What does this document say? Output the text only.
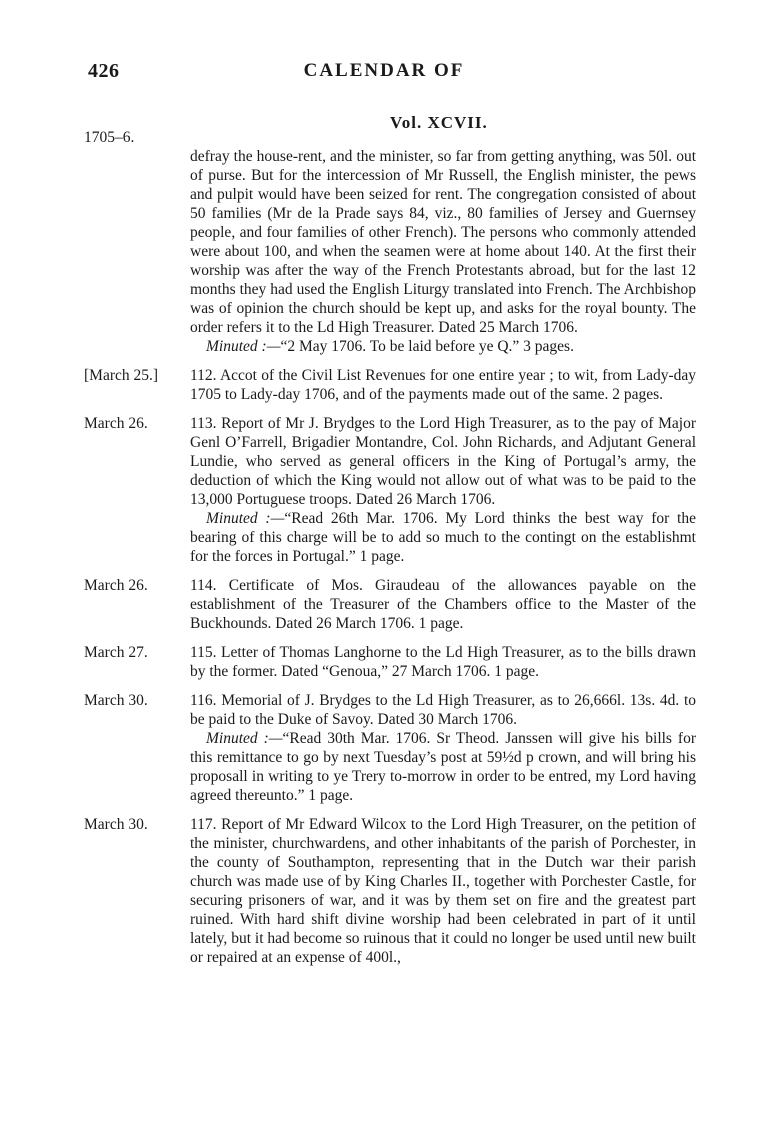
426	CALENDAR OF
Vol. XCVII.
1705–6.

defray the house-rent, and the minister, so far from getting anything, was 50l. out of purse. But for the intercession of Mr Russell, the English minister, the pews and pulpit would have been seized for rent. The congregation consisted of about 50 families (Mr de la Prade says 84, viz., 80 families of Jersey and Guernsey people, and four families of other French). The persons who commonly attended were about 100, and when the seamen were at home about 140. At the first their worship was after the way of the French Protestants abroad, but for the last 12 months they had used the English Liturgy translated into French. The Archbishop was of opinion the church should be kept up, and asks for the royal bounty. The order refers it to the Ld High Treasurer. Dated 25 March 1706.

Minuted :—“2 May 1706. To be laid before ye Q.” 3 pages.

[March 25.]	112. Accot of the Civil List Revenues for one entire year ; to wit, from Lady-day 1705 to Lady-day 1706, and of the payments made out of the same. 2 pages.

March 26.	113. Report of Mr J. Brydges to the Lord High Treasurer, as to the pay of Major Genl O’Farrell, Brigadier Montandre, Col. John Richards, and Adjutant General Lundie, who served as general officers in the King of Portugal’s army, the deduction of which the King would not allow out of what was to be paid to the 13,000 Portuguese troops. Dated 26 March 1706.

Minuted :—“Read 26th Mar. 1706. My Lord thinks the best way for the bearing of this charge will be to add so much to the contingt on the establishmt for the forces in Portugal.” 1 page.

March 26.	114. Certificate of Mos. Giraudeau of the allowances payable on the establishment of the Treasurer of the Chambers office to the Master of the Buckhounds. Dated 26 March 1706. 1 page.

March 27.	115. Letter of Thomas Langhorne to the Ld High Treasurer, as to the bills drawn by the former. Dated “Genoua,” 27 March 1706. 1 page.

March 30.	116. Memorial of J. Brydges to the Ld High Treasurer, as to 26,666l. 13s. 4d. to be paid to the Duke of Savoy. Dated 30 March 1706.

Minuted :—“Read 30th Mar. 1706. Sr Theod. Janssen will give his bills for this remittance to go by next Tuesday’s post at 59½d p crown, and will bring his proposall in writing to ye Trery to-morrow in order to be entred, my Lord having agreed thereunto.” 1 page.

March 30.	117. Report of Mr Edward Wilcox to the Lord High Treasurer, on the petition of the minister, churchwardens, and other inhabitants of the parish of Porchester, in the county of Southampton, representing that in the Dutch war their parish church was made use of by King Charles II., together with Porchester Castle, for securing prisoners of war, and it was by them set on fire and the greatest part ruined. With hard shift divine worship had been celebrated in part of it until lately, but it had become so ruinous that it could no longer be used until new built or repaired at an expense of 400l.,
